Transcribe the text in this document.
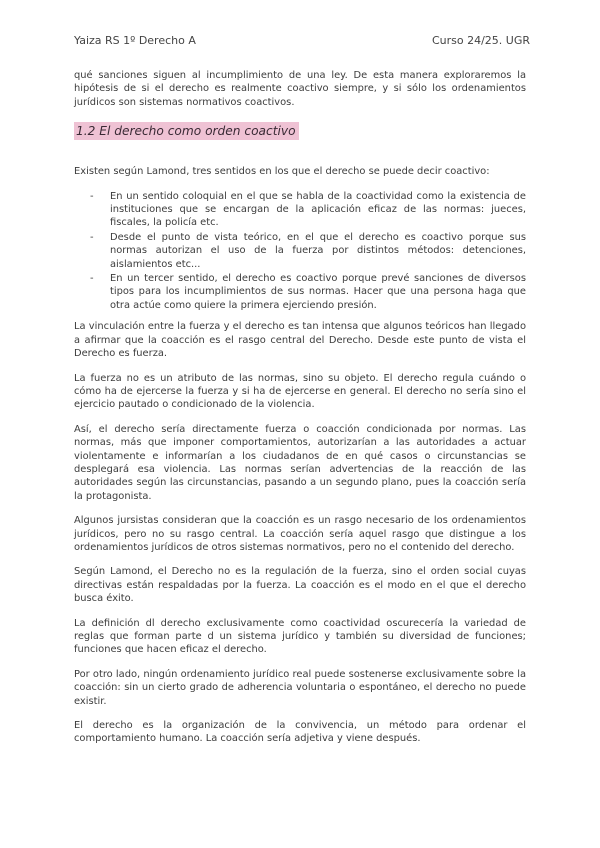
Yaiza RS 1º Derecho A	Curso 24/25. UGR

qué sanciones siguen al incumplimiento de una ley. De esta manera exploraremos la hipótesis de si el derecho es realmente coactivo siempre, y si sólo los ordenamientos jurídicos son sistemas normativos coactivos.

1.2 El derecho como orden coactivo

Existen según Lamond, tres sentidos en los que el derecho se puede decir coactivo:

- En un sentido coloquial en el que se habla de la coactividad como la existencia de instituciones que se encargan de la aplicación eficaz de las normas: jueces, fiscales, la policía etc.
- Desde el punto de vista teórico, en el que el derecho es coactivo porque sus normas autorizan el uso de la fuerza por distintos métodos: detenciones, aislamientos etc...
- En un tercer sentido, el derecho es coactivo porque prevé sanciones de diversos tipos para los incumplimientos de sus normas. Hacer que una persona haga que otra actúe como quiere la primera ejerciendo presión.

La vinculación entre la fuerza y el derecho es tan intensa que algunos teóricos han llegado a afirmar que la coacción es el rasgo central del Derecho. Desde este punto de vista el Derecho es fuerza.

La fuerza no es un atributo de las normas, sino su objeto. El derecho regula cuándo o cómo ha de ejercerse la fuerza y si ha de ejercerse en general. El derecho no sería sino el ejercicio pautado o condicionado de la violencia.

Así, el derecho sería directamente fuerza o coacción condicionada por normas. Las normas, más que imponer comportamientos, autorizarían a las autoridades a actuar violentamente e informarían a los ciudadanos de en qué casos o circunstancias se desplegará esa violencia. Las normas serían advertencias de la reacción de las autoridades según las circunstancias, pasando a un segundo plano, pues la coacción sería la protagonista.

Algunos jursistas consideran que la coacción es un rasgo necesario de los ordenamientos jurídicos, pero no su rasgo central. La coacción sería aquel rasgo que distingue a los ordenamientos jurídicos de otros sistemas normativos, pero no el contenido del derecho.

Según Lamond, el Derecho no es la regulación de la fuerza, sino el orden social cuyas directivas están respaldadas por la fuerza. La coacción es el modo en el que el derecho busca éxito.

La definición dl derecho exclusivamente como coactividad oscurecería la variedad de reglas que forman parte d un sistema jurídico y también su diversidad de funciones; funciones que hacen eficaz el derecho.

Por otro lado, ningún ordenamiento jurídico real puede sostenerse exclusivamente sobre la coacción: sin un cierto grado de adherencia voluntaria o espontáneo, el derecho no puede existir.

El derecho es la organización de la convivencia, un método para ordenar el comportamiento humano. La coacción sería adjetiva y viene después.
